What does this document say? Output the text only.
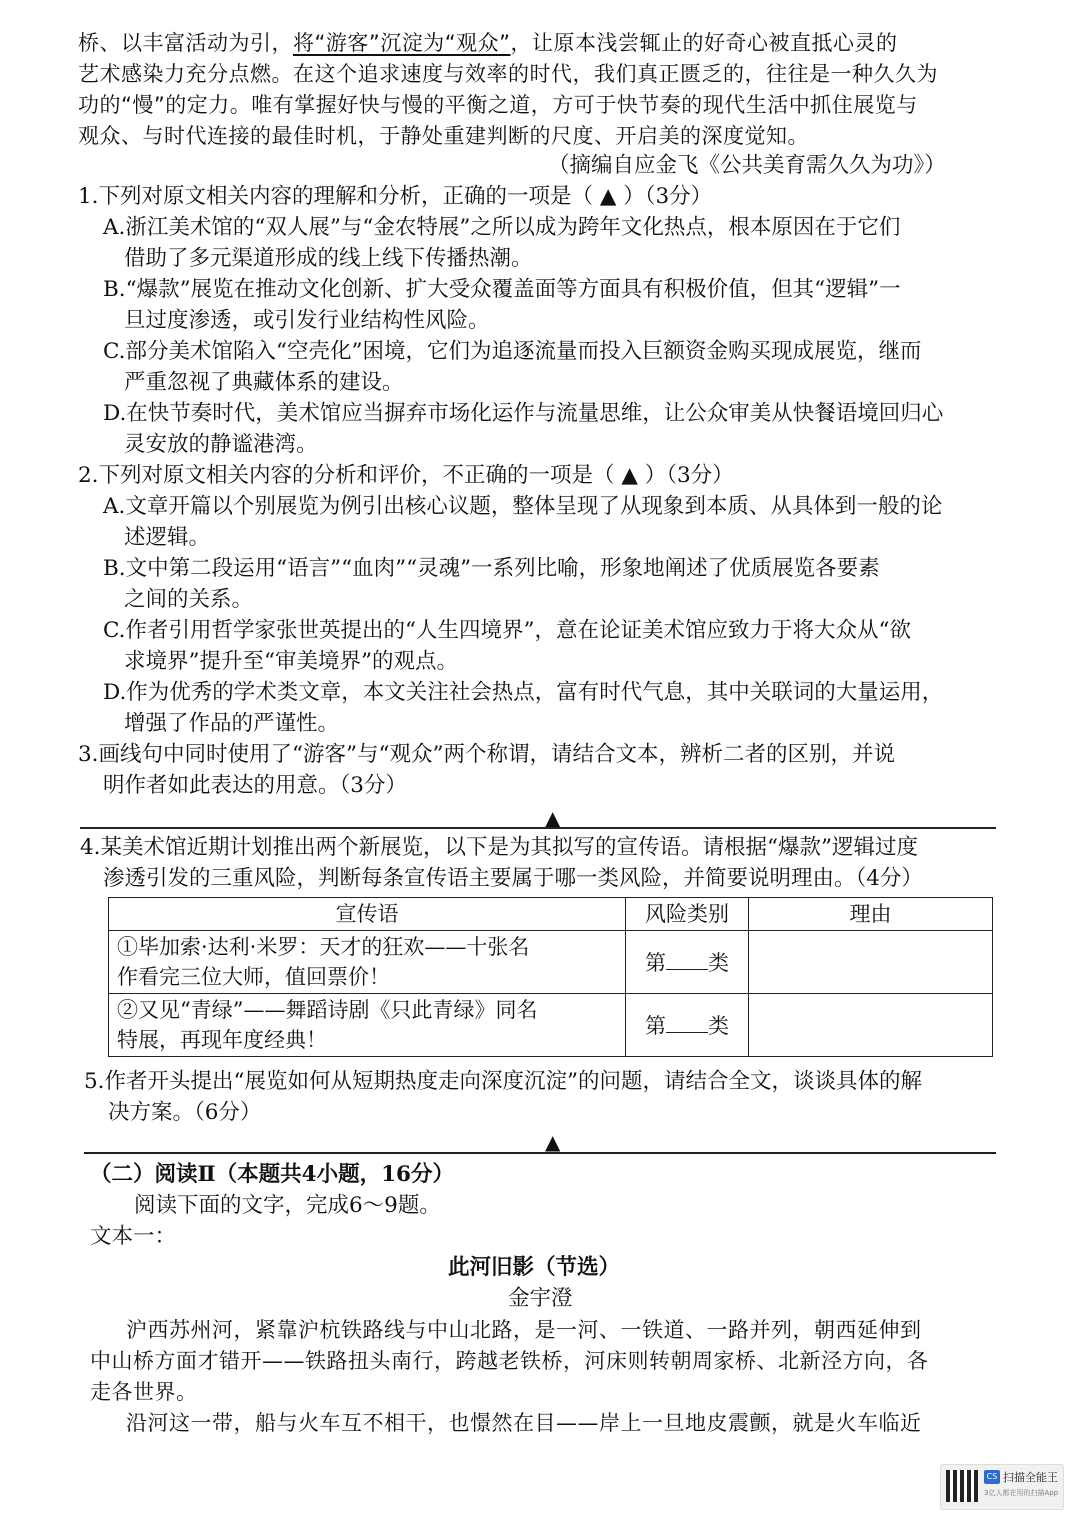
桥、以丰富活动为引，将“游客”沉淀为“观众”，让原本浅尝辄止的好奇心被直抵心灵的
艺术感染力充分点燃。在这个追求速度与效率的时代，我们真正匮乏的，往往是一种久久为
功的“慢”的定力。唯有掌握好快与慢的平衡之道，方可于快节奏的现代生活中抓住展览与
观众、与时代连接的最佳时机，于静处重建判断的尺度、开启美的深度觉知。
（摘编自应金飞《公共美育需久久为功》）
1.下列对原文相关内容的理解和分析，正确的一项是（ ▲ ）（3分）
A.浙江美术馆的“双人展”与“金农特展”之所以成为跨年文化热点，根本原因在于它们
借助了多元渠道形成的线上线下传播热潮。
B.“爆款”展览在推动文化创新、扩大受众覆盖面等方面具有积极价值，但其“逻辑”一
旦过度渗透，或引发行业结构性风险。
C.部分美术馆陷入“空壳化”困境，它们为追逐流量而投入巨额资金购买现成展览，继而
严重忽视了典藏体系的建设。
D.在快节奏时代，美术馆应当摒弃市场化运作与流量思维，让公众审美从快餐语境回归心
灵安放的静谧港湾。
2.下列对原文相关内容的分析和评价，不正确的一项是（ ▲ ）（3分）
A.文章开篇以个别展览为例引出核心议题，整体呈现了从现象到本质、从具体到一般的论
述逻辑。
B.文中第二段运用“语言”“血肉”“灵魂”一系列比喻，形象地阐述了优质展览各要素
之间的关系。
C.作者引用哲学家张世英提出的“人生四境界”，意在论证美术馆应致力于将大众从“欲
求境界”提升至“审美境界”的观点。
D.作为优秀的学术类文章，本文关注社会热点，富有时代气息，其中关联词的大量运用，
增强了作品的严谨性。
3.画线句中同时使用了“游客”与“观众”两个称谓，请结合文本，辨析二者的区别，并说
明作者如此表达的用意。（3分）
▲
4.某美术馆近期计划推出两个新展览，以下是为其拟写的宣传语。请根据“爆款”逻辑过度
渗透引发的三重风险，判断每条宣传语主要属于哪一类风险，并简要说明理由。（4分）
宣传语	风险类别	理由

①毕加索·达利·米罗：天才的狂欢——十张名
作看完三位大师，值回票价！	第 类	

②又见“青绿”——舞蹈诗剧《只此青绿》同名
特展，再现年度经典！	第 类	
5.作者开头提出“展览如何从短期热度走向深度沉淀”的问题，请结合全文，谈谈具体的解
决方案。（6分）
▲
（二）阅读Ⅱ（本题共4小题，16分）
阅读下面的文字，完成6～9题。
文本一：
此河旧影（节选）
金宇澄
沪西苏州河，紧靠沪杭铁路线与中山北路，是一河、一铁道、一路并列，朝西延伸到
中山桥方面才错开——铁路扭头南行，跨越老铁桥，河床则转朝周家桥、北新泾方向，各
走各世界。
沿河这一带，船与火车互不相干，也憬然在目——岸上一旦地皮震颤，就是火车临近
CS 扫描全能王
3亿人都在用的扫描App
